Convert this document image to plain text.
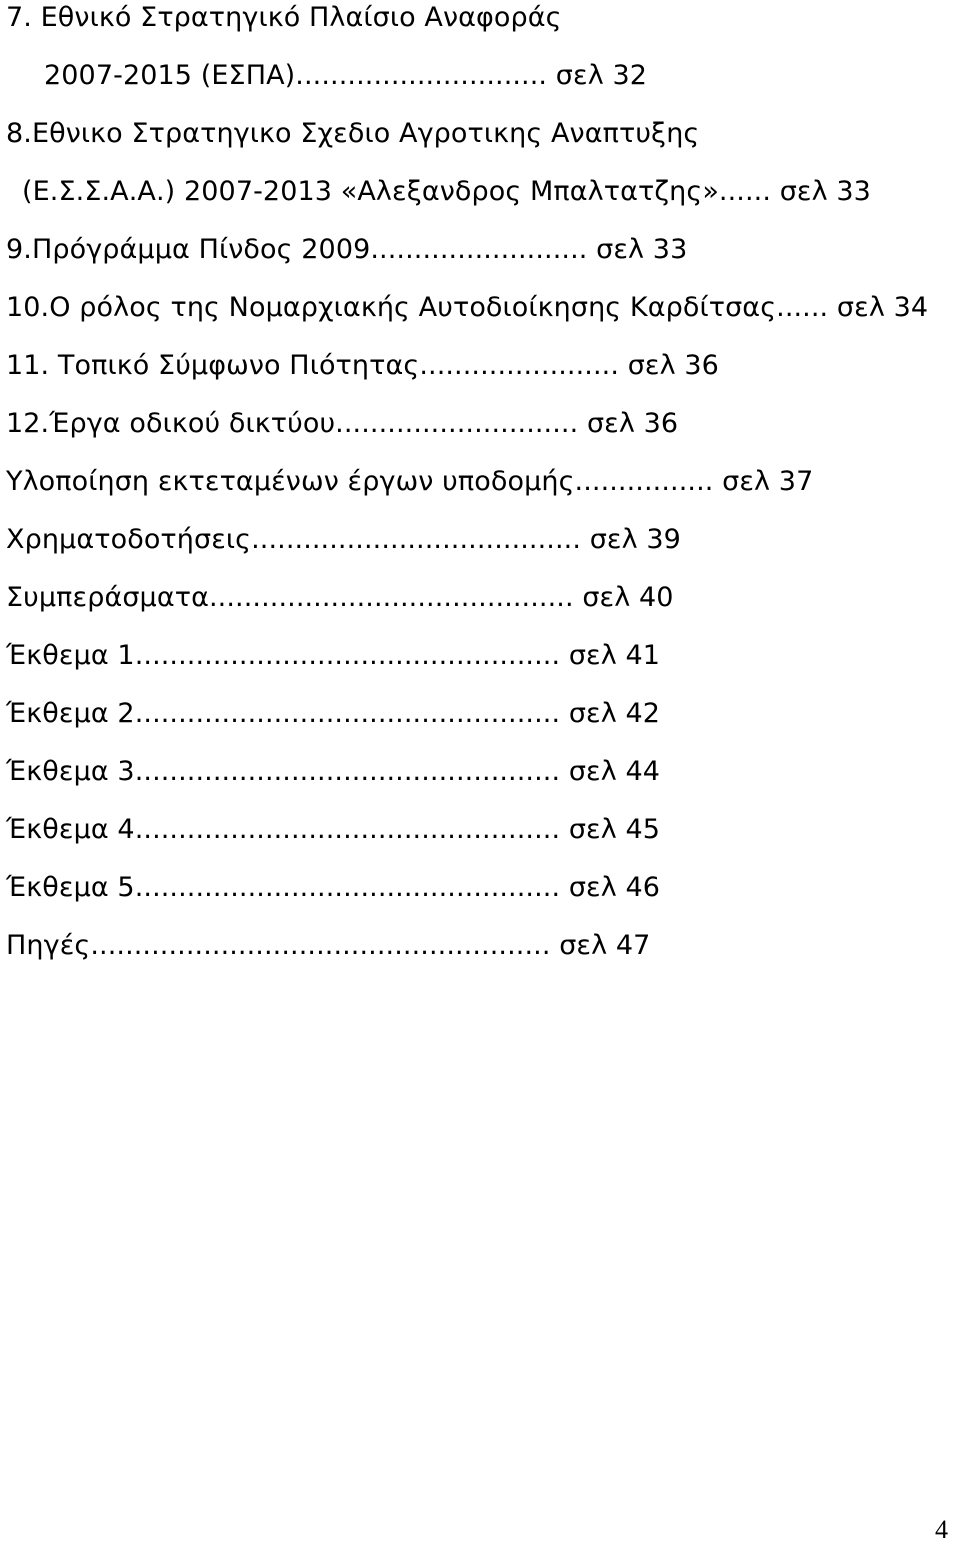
7. Εθνικό Στρατηγικό Πλαίσιο Αναφοράς
2007-2015 (ΕΣΠΑ)............................. σελ 32
8.Εθνικο Στρατηγικο Σχεδιο Αγροτικης Αναπτυξης
(Ε.Σ.Σ.Α.Α.) 2007-2013 «Αλεξανδρος Μπαλτατζης»...... σελ 33
9.Πρόγράμμα Πίνδος 2009......................... σελ 33
10.Ο ρόλος της Νομαρχιακής Αυτοδιοίκησης Καρδίτσας...... σελ 34
11. Τοπικό Σύμφωνο Πιότητας....................... σελ 36
12.Έργα οδικού δικτύου............................ σελ 36
Υλοποίηση εκτεταμένων έργων υποδομής................ σελ 37
Χρηματοδοτήσεις...................................... σελ 39
Συμπεράσματα.......................................... σελ 40
Έκθεμα 1................................................. σελ 41
Έκθεμα 2................................................. σελ 42
Έκθεμα 3................................................. σελ 44
Έκθεμα 4................................................. σελ 45
Έκθεμα 5................................................. σελ 46
Πηγές..................................................... σελ 47
4
